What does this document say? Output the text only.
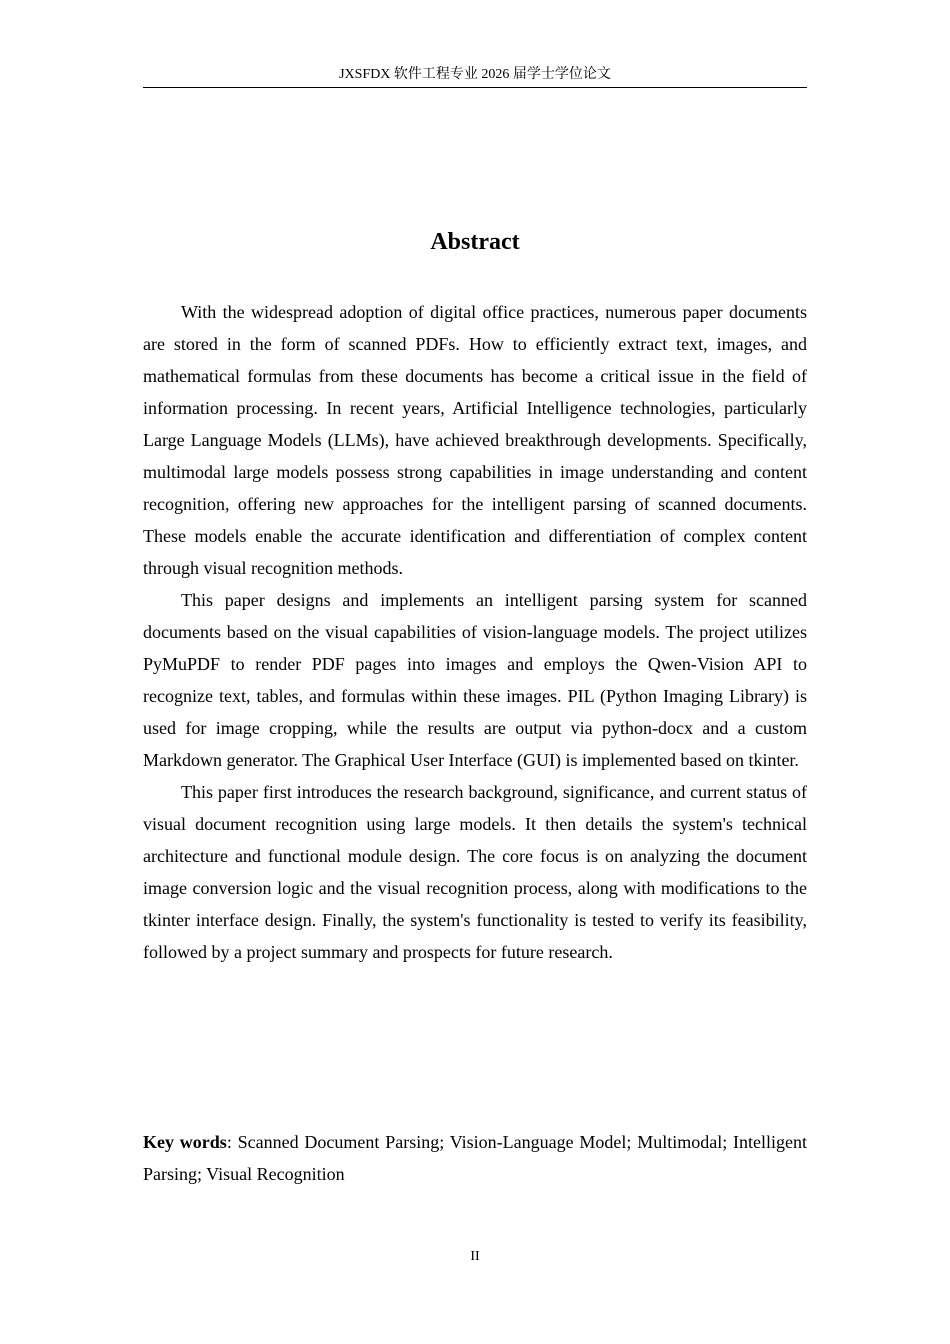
JXSFDX 软件工程专业 2026 届学士学位论文
Abstract

With the widespread adoption of digital office practices, numerous paper documents are stored in the form of scanned PDFs. How to efficiently extract text, images, and mathematical formulas from these documents has become a critical issue in the field of information processing. In recent years, Artificial Intelligence technologies, particularly Large Language Models (LLMs), have achieved breakthrough developments. Specifically, multimodal large models possess strong capabilities in image understanding and content recognition, offering new approaches for the intelligent parsing of scanned documents. These models enable the accurate identification and differentiation of complex content through visual recognition methods.

This paper designs and implements an intelligent parsing system for scanned documents based on the visual capabilities of vision-language models. The project utilizes PyMuPDF to render PDF pages into images and employs the Qwen-Vision API to recognize text, tables, and formulas within these images. PIL (Python Imaging Library) is used for image cropping, while the results are output via python-docx and a custom Markdown generator. The Graphical User Interface (GUI) is implemented based on tkinter.

This paper first introduces the research background, significance, and current status of visual document recognition using large models. It then details the system's technical architecture and functional module design. The core focus is on analyzing the document image conversion logic and the visual recognition process, along with modifications to the tkinter interface design. Finally, the system's functionality is tested to verify its feasibility, followed by a project summary and prospects for future research.

Key words: Scanned Document Parsing; Vision-Language Model; Multimodal; Intelligent Parsing; Visual Recognition

II
